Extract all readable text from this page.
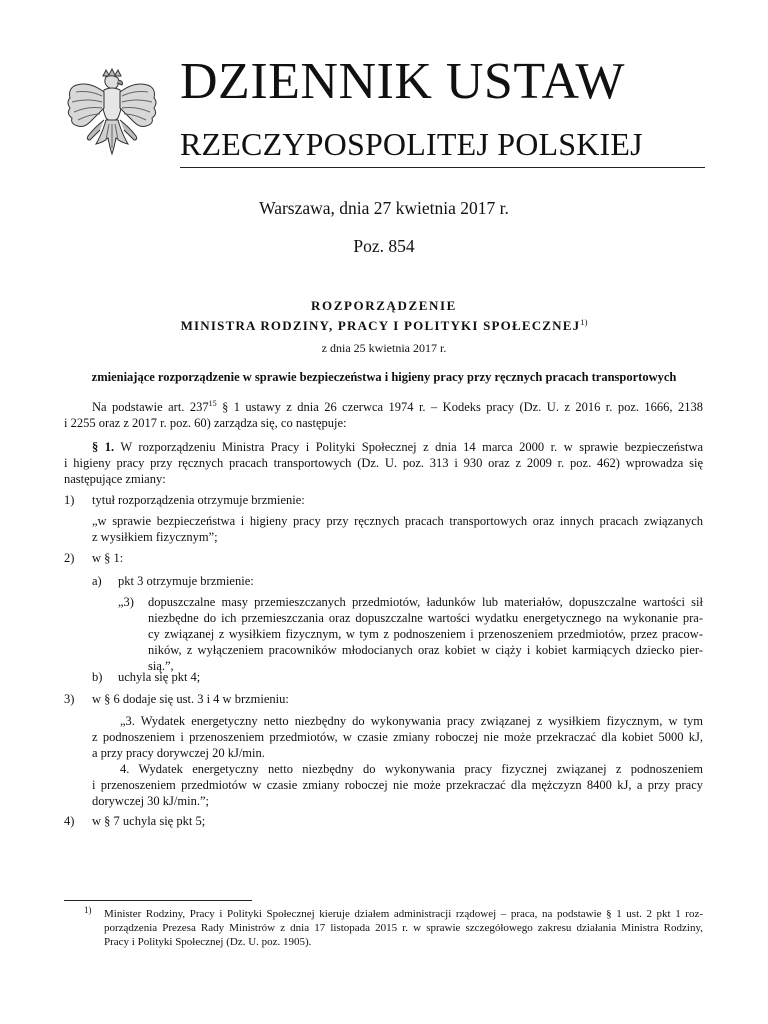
DZIENNIK USTAW
RZECZYPOSPOLITEJ POLSKIEJ
Warszawa, dnia 27 kwietnia 2017 r.
Poz. 854
ROZPORZĄDZENIE
MINISTRA RODZINY, PRACY I POLITYKI SPOŁECZNEJ$^{1)}$
z dnia 25 kwietnia 2017 r.
zmieniające rozporządzenie w sprawie bezpieczeństwa i higieny pracy przy ręcznych pracach transportowych
Na podstawie art. $237^{15}$ § 1 ustawy z dnia 26 czerwca 1974 r. – Kodeks pracy (Dz. U. z 2016 r. poz. 1666, 2138
i 2255 oraz z 2017 r. poz. 60) zarządza się, co następuje:
§ 1. W rozporządzeniu Ministra Pracy i Polityki Społecznej z dnia 14 marca 2000 r. w sprawie bezpieczeństwa
i higieny pracy przy ręcznych pracach transportowych (Dz. U. poz. 313 i 930 oraz z 2009 r. poz. 462) wprowadza się
następujące zmiany:
1) tytuł rozporządzenia otrzymuje brzmienie:
„w sprawie bezpieczeństwa i higieny pracy przy ręcznych pracach transportowych oraz innych pracach związanych
z wysiłkiem fizycznym”;
2) w § 1:
a) pkt 3 otrzymuje brzmienie:
„3) dopuszczalne masy przemieszczanych przedmiotów, ładunków lub materiałów, dopuszczalne wartości sił
niezbędne do ich przemieszczania oraz dopuszczalne wartości wydatku energetycznego na wykonanie pra-
cy związanej z wysiłkiem fizycznym, w tym z podnoszeniem i przenoszeniem przedmiotów, przez pracow-
ników, z wyłączeniem pracowników młodocianych oraz kobiet w ciąży i kobiet karmiących dziecko pier-
sią.”,
b) uchyla się pkt 4;
3) w § 6 dodaje się ust. 3 i 4 w brzmieniu:
„3. Wydatek energetyczny netto niezbędny do wykonywania pracy związanej z wysiłkiem fizycznym, w tym
z podnoszeniem i przenoszeniem przedmiotów, w czasie zmiany roboczej nie może przekraczać dla kobiet 5000 kJ,
a przy pracy dorywczej 20 kJ/min.
4. Wydatek energetyczny netto niezbędny do wykonywania pracy fizycznej związanej z podnoszeniem
i przenoszeniem przedmiotów w czasie zmiany roboczej nie może przekraczać dla mężczyzn 8400 kJ, a przy pracy
dorywczej 30 kJ/min.”;
4) w § 7 uchyla się pkt 5;
1) Minister Rodziny, Pracy i Polityki Społecznej kieruje działem administracji rządowej – praca, na podstawie § 1 ust. 2 pkt 1 roz-
porządzenia Prezesa Rady Ministrów z dnia 17 listopada 2015 r. w sprawie szczegółowego zakresu działania Ministra Rodziny,
Pracy i Polityki Społecznej (Dz. U. poz. 1905).
